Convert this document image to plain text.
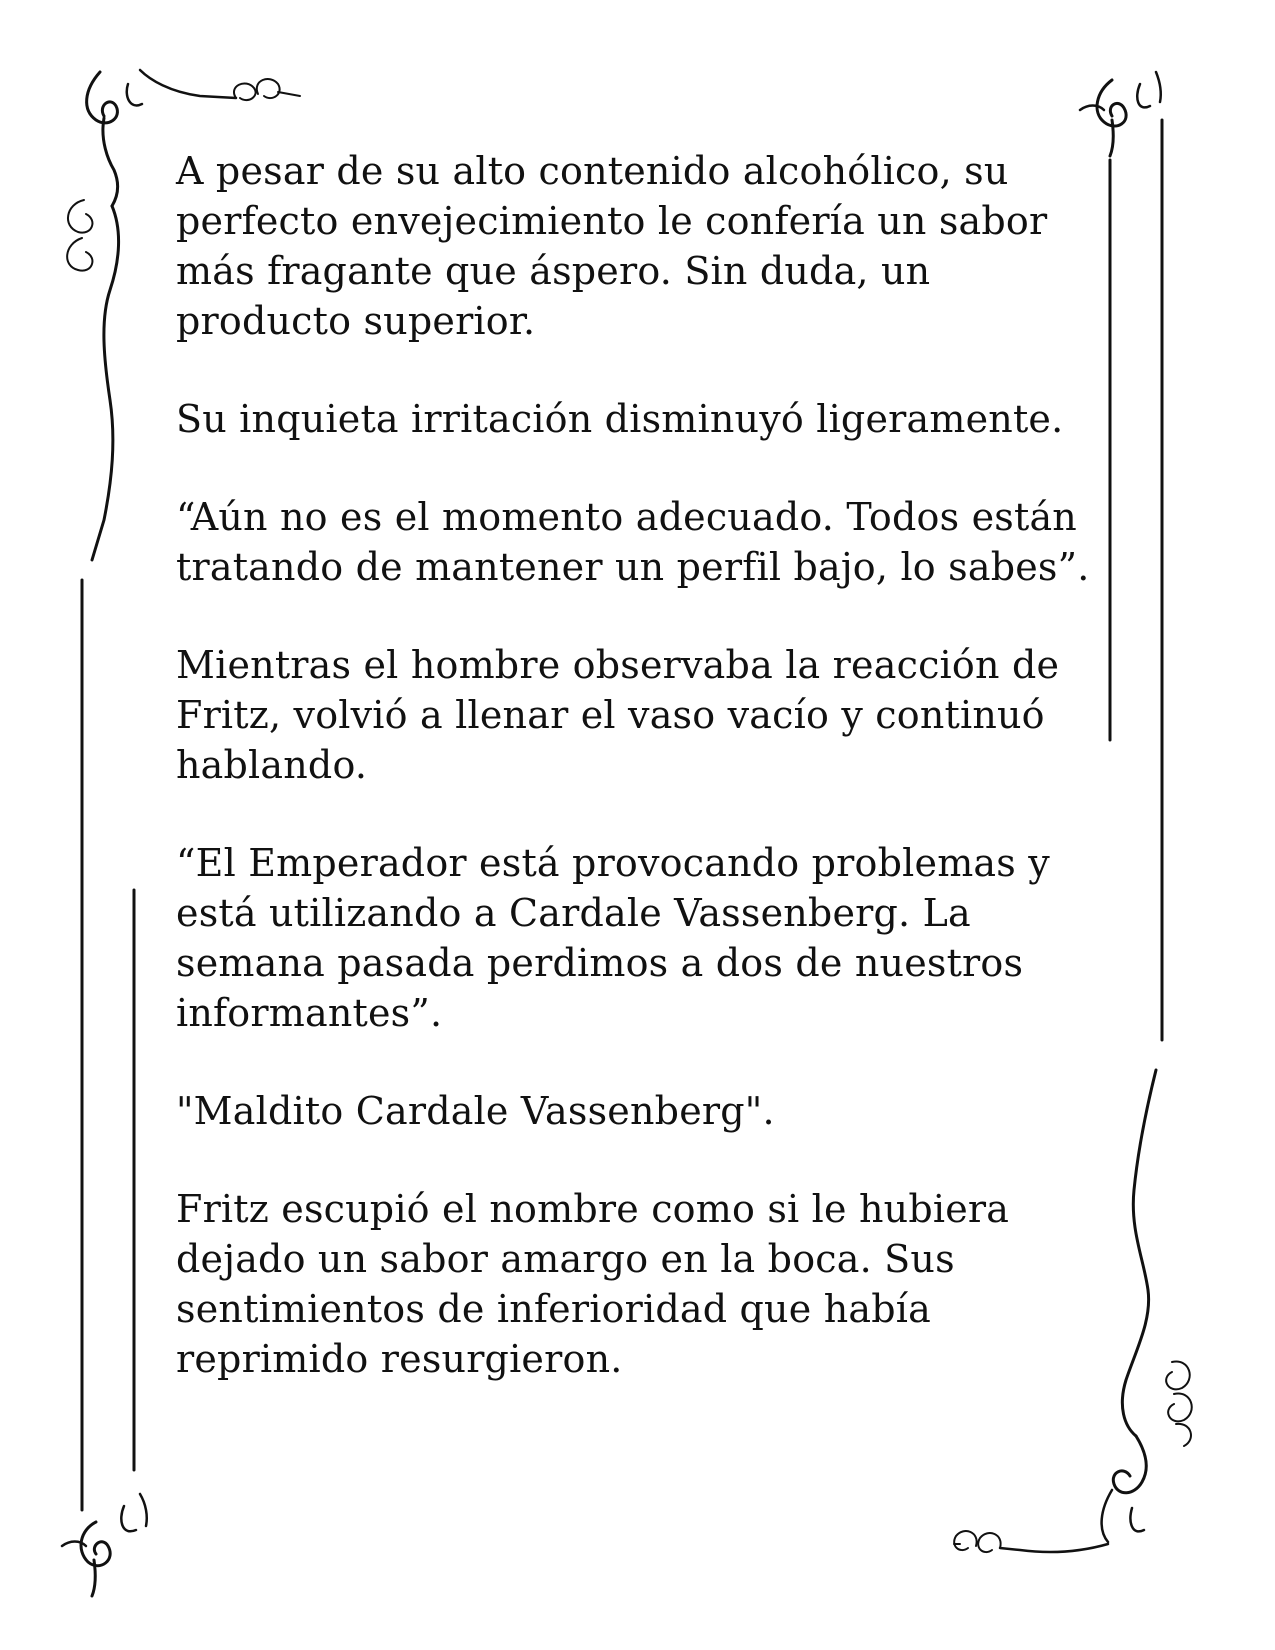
A pesar de su alto contenido alcohólico, su perfecto envejecimiento le confería un sabor más fragante que áspero. Sin duda, un producto superior.

Su inquieta irritación disminuyó ligeramente.

“Aún no es el momento adecuado. Todos están tratando de mantener un perfil bajo, lo sabes”.

Mientras el hombre observaba la reacción de Fritz, volvió a llenar el vaso vacío y continuó hablando.

“El Emperador está provocando problemas y está utilizando a Cardale Vassenberg. La semana pasada perdimos a dos de nuestros informantes”.

"Maldito Cardale Vassenberg".

Fritz escupió el nombre como si le hubiera dejado un sabor amargo en la boca. Sus sentimientos de inferioridad que había reprimido resurgieron.
